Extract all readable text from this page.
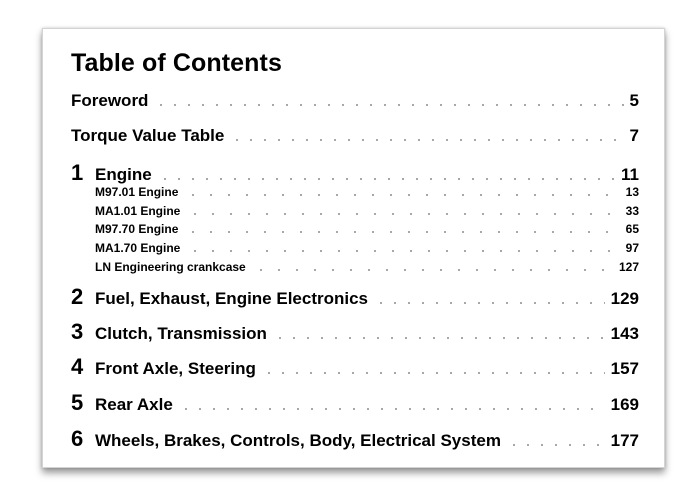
Table of Contents
Foreword	5
Torque Value Table	7
1 Engine	11
M97.01 Engine	13
MA1.01 Engine	33
M97.70 Engine	65
MA1.70 Engine	97
LN Engineering crankcase	127
2 Fuel, Exhaust, Engine Electronics	129
3 Clutch, Transmission	143
4 Front Axle, Steering	157
5 Rear Axle	169
6 Wheels, Brakes, Controls, Body, Electrical System	177
